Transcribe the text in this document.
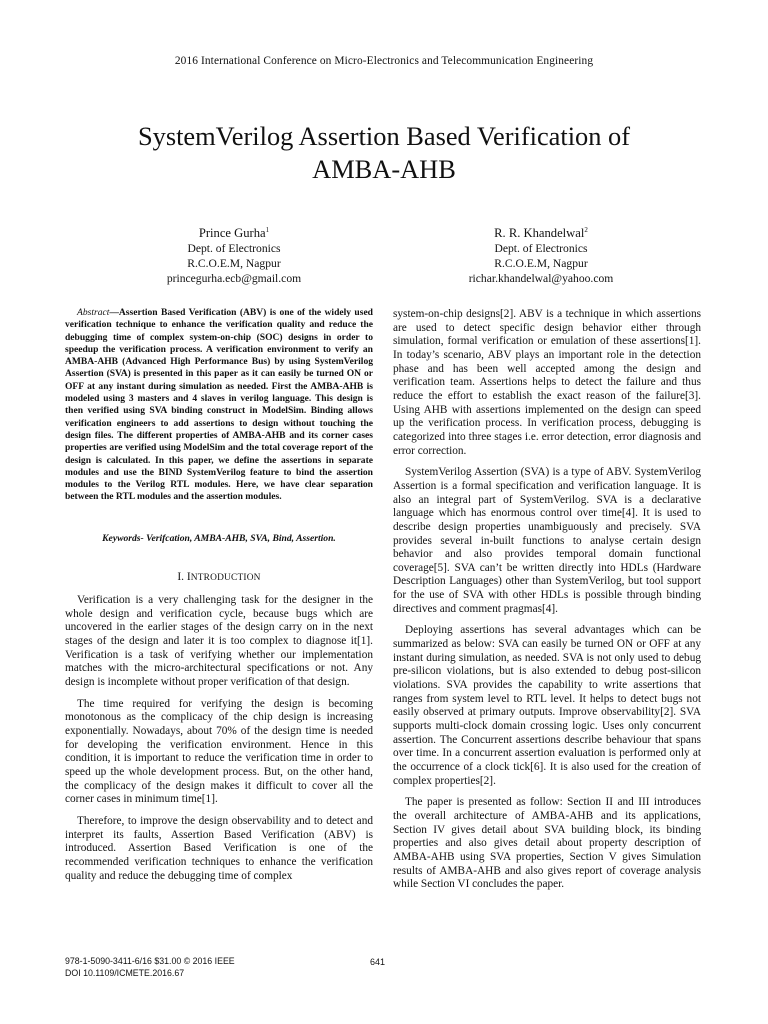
2016 International Conference on Micro-Electronics and Telecommunication Engineering
SystemVerilog Assertion Based Verification of
AMBA-AHB
Prince Gurha$^1$
Dept. of Electronics
R.C.O.E.M, Nagpur
princegurha.ecb@gmail.com
R. R. Khandelwal$^2$
Dept. of Electronics
R.C.O.E.M, Nagpur
richar.khandelwal@yahoo.com
Abstract—Assertion Based Verification (ABV) is one of the widely used verification technique to enhance the verification quality and reduce the debugging time of complex system-on-chip (SOC) designs in order to speedup the verification process. A verification environment to verify an AMBA-AHB (Advanced High Performance Bus) by using SystemVerilog Assertion (SVA) is presented in this paper as it can easily be turned ON or OFF at any instant during simulation as needed. First the AMBA-AHB is modeled using 3 masters and 4 slaves in verilog language. This design is then verified using SVA binding construct in ModelSim. Binding allows verification engineers to add assertions to design without touching the design files. The different properties of AMBA-AHB and its corner cases properties are verified using ModelSim and the total coverage report of the design is calculated. In this paper, we define the assertions in separate modules and use the BIND SystemVerilog feature to bind the assertion modules to the Verilog RTL modules. Here, we have clear separation between the RTL modules and the assertion modules.
Keywords- Verifcation, AMBA-AHB, SVA, Bind, Assertion.
I. INTRODUCTION

Verification is a very challenging task for the designer in the whole design and verification cycle, because bugs which are uncovered in the earlier stages of the design carry on in the next stages of the design and later it is too complex to diagnose it[1]. Verification is a task of verifying whether our implementation matches with the micro-architectural specifications or not. Any design is incomplete without proper verification of that design.

The time required for verifying the design is becoming monotonous as the complicacy of the chip design is increasing exponentially. Nowadays, about 70% of the design time is needed for developing the verification environment. Hence in this condition, it is important to reduce the verification time in order to speed up the whole development process. But, on the other hand, the complicacy of the design makes it difficult to cover all the corner cases in minimum time[1].

Therefore, to improve the design observability and to detect and interpret its faults, Assertion Based Verification (ABV) is introduced. Assertion Based Verification is one of the recommended verification techniques to enhance the verification quality and reduce the debugging time of complex

system-on-chip designs[2]. ABV is a technique in which assertions are used to detect specific design behavior either through simulation, formal verification or emulation of these assertions[1]. In today’s scenario, ABV plays an important role in the detection phase and has been well accepted among the design and verification team. Assertions helps to detect the failure and thus reduce the effort to establish the exact reason of the failure[3]. Using AHB with assertions implemented on the design can speed up the verification process. In verification process, debugging is categorized into three stages i.e. error detection, error diagnosis and error correction.

SystemVerilog Assertion (SVA) is a type of ABV. SystemVerilog Assertion is a formal specification and verification language. It is also an integral part of SystemVerilog. SVA is a declarative language which has enormous control over time[4]. It is used to describe design properties unambiguously and precisely. SVA provides several in-built functions to analyse certain design behavior and also provides temporal domain functional coverage[5]. SVA can’t be written directly into HDLs (Hardware Description Languages) other than SystemVerilog, but tool support for the use of SVA with other HDLs is possible through binding directives and comment pragmas[4].

Deploying assertions has several advantages which can be summarized as below: SVA can easily be turned ON or OFF at any instant during simulation, as needed. SVA is not only used to debug pre-silicon violations, but is also extended to debug post-silicon violations. SVA provides the capability to write assertions that ranges from system level to RTL level. It helps to detect bugs not easily observed at primary outputs. Improve observability[2]. SVA supports multi-clock domain crossing logic. Uses only concurrent assertion. The Concurrent assertions describe behaviour that spans over time. In a concurrent assertion evaluation is performed only at the occurrence of a clock tick[6]. It is also used for the creation of complex properties[2].

The paper is presented as follow: Section II and III introduces the overall architecture of AMBA-AHB and its applications, Section IV gives detail about SVA building block, its binding properties and also gives detail about property description of AMBA-AHB using SVA properties, Section V gives Simulation results of AMBA-AHB and also gives report of coverage analysis while Section VI concludes the paper.

978-1-5090-3411-6/16 $31.00 © 2016 IEEE
DOI 10.1109/ICMETE.2016.67
641
